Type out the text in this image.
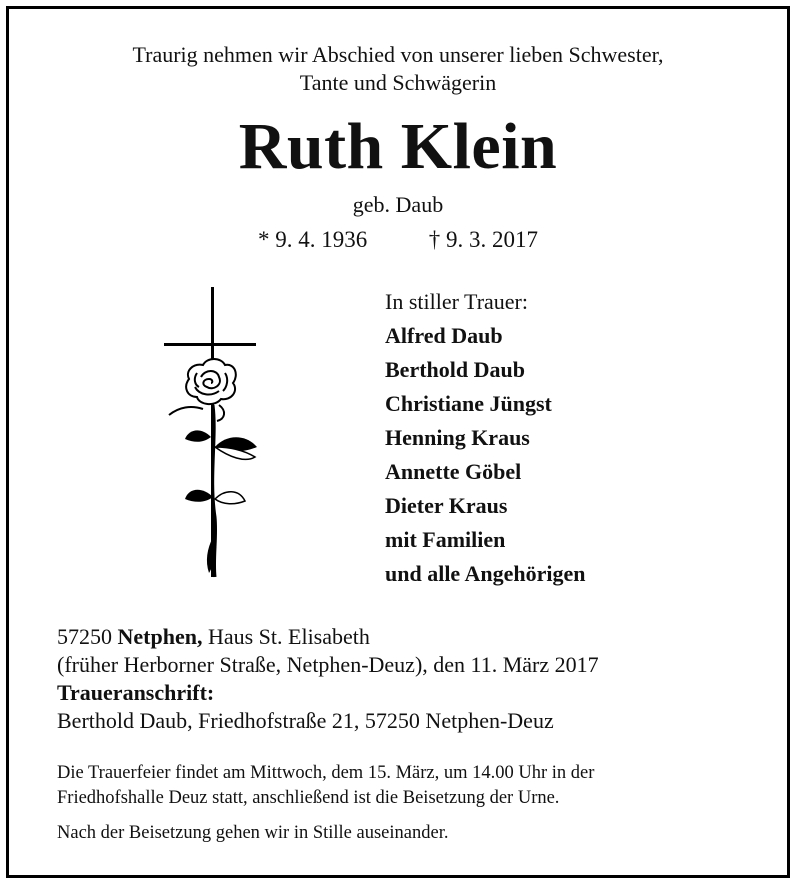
Traurig nehmen wir Abschied von unserer lieben Schwester,
Tante und Schwägerin
Ruth Klein
geb. Daub
* 9. 4. 1936	† 9. 3. 2017
In stiller Trauer:
Alfred Daub
Berthold Daub
Christiane Jüngst
Henning Kraus
Annette Göbel
Dieter Kraus
mit Familien
und alle Angehörigen
57250 Netphen, Haus St. Elisabeth
(früher Herborner Straße, Netphen-Deuz), den 11. März 2017
Traueranschrift:
Berthold Daub, Friedhofstraße 21, 57250 Netphen-Deuz

Die Trauerfeier findet am Mittwoch, dem 15. März, um 14.00 Uhr in der
Friedhofshalle Deuz statt, anschließend ist die Beisetzung der Urne.

Nach der Beisetzung gehen wir in Stille auseinander.
